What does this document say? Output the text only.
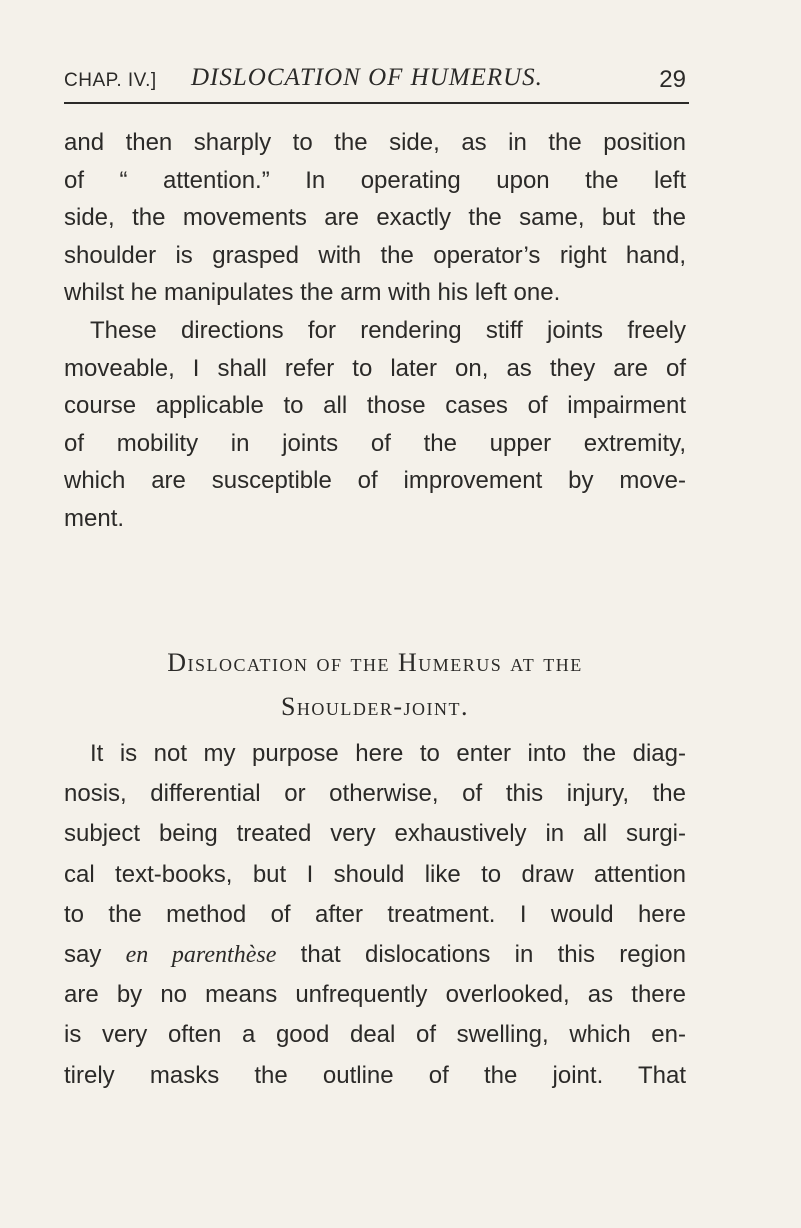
CHAP. IV.] DISLOCATION OF HUMERUS.	29
and then sharply to the side, as in the position
of “ attention.” In operating upon the left
side, the movements are exactly the same, but the
shoulder is grasped with the operator’s right hand,
whilst he manipulates the arm with his left one.
These directions for rendering stiff joints freely
moveable, I shall refer to later on, as they are of
course applicable to all those cases of impairment
of mobility in joints of the upper extremity,
which are susceptible of improvement by move-
ment.
Dislocation of the Humerus at the
Shoulder-joint.
It is not my purpose here to enter into the diag-
nosis, differential or otherwise, of this injury, the
subject being treated very exhaustively in all surgi-
cal text-books, but I should like to draw attention
to the method of after treatment. I would here
say en parenthèse that dislocations in this region
are by no means unfrequently overlooked, as there
is very often a good deal of swelling, which en-
tirely masks the outline of the joint. That
